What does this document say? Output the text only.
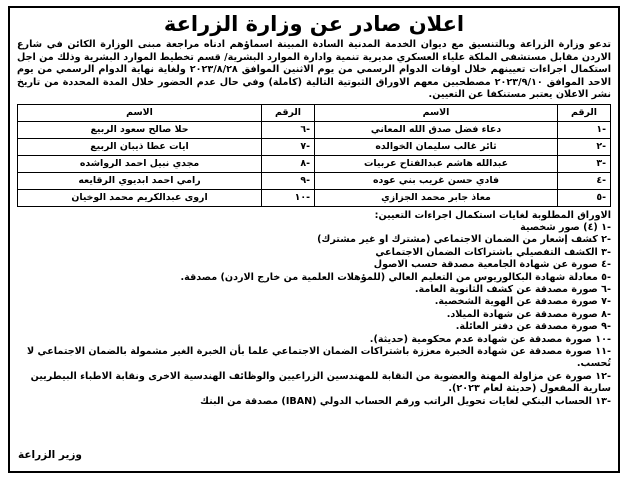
اعلان صادر عن وزارة الزراعة

تدعو وزارة الزراعة وبالتنسيق مع ديوان الخدمة المدنية السادة المبينة اسماؤهم ادناه مراجعة مبنى الوزارة الكائن في شارع الاردن مقابل مستشفى الملكة علياء العسكري مديرية تنمية وادارة الموارد البشرية/ قسم تخطيط الموارد البشرية وذلك من اجل استكمال اجراءات تعيينهم خلال اوقات الدوام الرسمي من يوم الاثنين الموافق ٢٠٢٣/٨/٢٨ ولغاية نهاية الدوام الرسمي من يوم الاحد الموافق ٢٠٢٣/٩/١٠ مصطحبين معهم الاوراق الثبوتية التالية (كاملة) وفي حال عدم الحضور خلال المدة المحددة من تاريخ نشر الاعلان يعتبر مستنكفا عن التعيين.

الرقم	الاسم	الرقم	الاسم
-١	دعاء فضل صدق الله المعاني	-٦	حلا صالح سعود الربيع
-٢	ثائر غالب سليمان الخوالده	-٧	ايات عطا ذيبان الربيع
-٣	عبدالله هاشم عبدالفتاح عربيات	-٨	مجدي نبيل احمد الرواشده
-٤	فادي حسن غريب بني عوده	-٩	رامي احمد ابديوي الرقايعه
-٥	معاذ جابر محمد الجزازي	-١٠	اروى عبدالكريم محمد الوخيان
الاوراق المطلوبة لغايات استكمال اجراءات التعيين:
-١ (٤) صور شخصية
-٢ كشف إشعار من الضمان الاجتماعي (مشترك او غير مشترك)
-٣ الكشف التفصيلي باشتراكات الضمان الاجتماعي
-٤ صورة عن شهادة الجامعية مصدقة حسب الاصول
-٥ معادلة شهادة البكالوريوس من التعليم العالي (للمؤهلات العلمية من خارج الاردن) مصدقة.
-٦ صورة مصدقة عن كشف الثانوية العامة.
-٧ صورة مصدقة عن الهوية الشخصية.
-٨ صورة مصدقة عن شهادة الميلاد.
-٩ صورة مصدقة عن دفتر العائلة.
-١٠ صورة مصدقة عن شهادة عدم محكومية (حديثة).
-١١ صورة مصدقة عن شهادة الخبرة معززة باشتراكات الضمان الاجتماعي علما بأن الخبرة الغير مشمولة بالضمان الاجتماعي لا تُحسب.
-١٢ صورة عن مزاولة المهنة والعضوية من النقابة للمهندسين الزراعيين والوظائف الهندسية الاخرى ونقابة الاطباء البيطريين سارية المفعول (حديثة لعام ٢٠٢٣).
-١٣ الحساب البنكي لغايات تحويل الراتب ورقم الحساب الدولي (IBAN) مصدقة من البنك
وزير الزراعة
